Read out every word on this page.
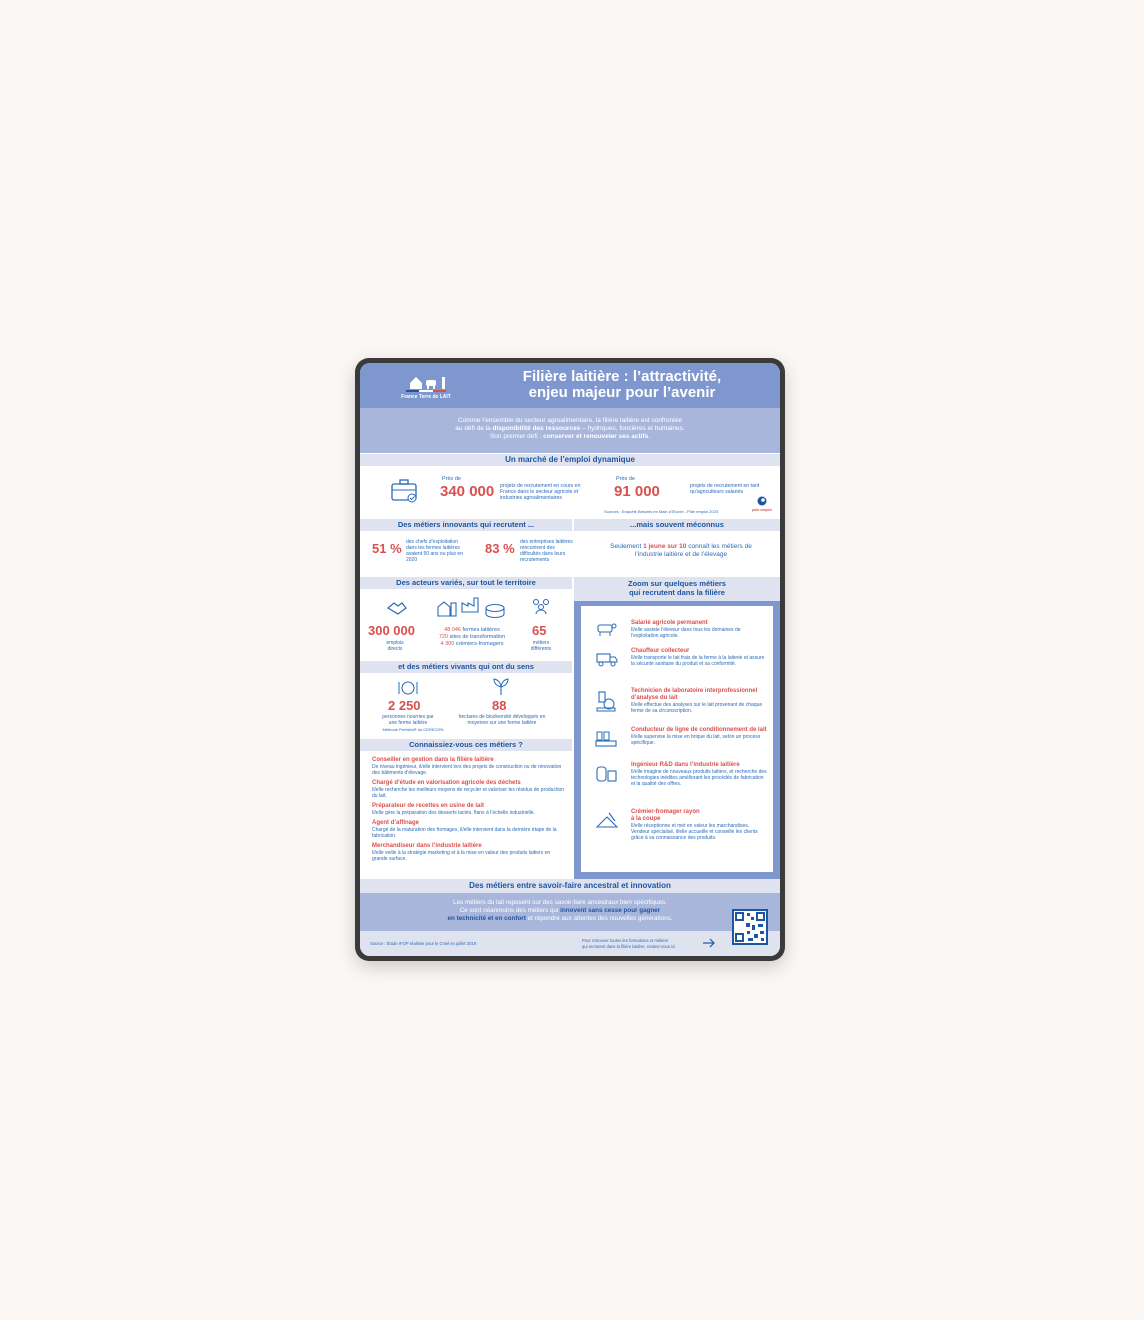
France Terre de LAIT
Filière laitière : l’attractivité,
enjeu majeur pour l’avenir
Comme l’ensemble du secteur agroalimentaire, la filière laitière est confrontée
au défi de la disponibilité des ressources – hydriques, foncières et humaines.
Son premier défi : conserver et renouveler ses actifs.
Un marché de l’emploi dynamique
Près de
340 000 projets de recrutement en cours en France dans le secteur agricole et industries agroalimentaires
Près de
91 000	projets de recrutement en tant qu’agriculteurs salariés
Sources : Enquête Besoins en Main d’Œuvre - Pôle emploi 2023	pôle emploi
Des métiers innovants qui recrutent ...	...mais souvent méconnus
51 % des chefs d’exploitation dans les fermes laitières avaient 50 ans ou plus en 2020
83 % des entreprises laitières rencontrent des difficultés dans leurs recrutements
Seulement 1 jeune sur 10 connaît les métiers de l’industrie laitière et de l’élevage
Des acteurs variés, sur tout le territoire
300 000
emplois directs
48 046 fermes laitières
720 sites de transformation
4 300 crémiers-fromagers
65
métiers différents
et des métiers vivants qui ont du sens
2 250
personnes nourries par une ferme laitière
Méthode Perfalim® du CERECIPA
88
hectares de biodiversité développés en moyenne sur une ferme laitière
Connaissiez-vous ces métiers ?
Conseiller en gestion dans la filière laitière
De niveau ingénieur, il/elle intervient lors des projets de construction ou de rénovation des bâtiments d’élevage.
Chargé d’étude en valorisation agricole des déchets
Il/elle recherche les meilleurs moyens de recycler et valoriser les résidus de production du lait.
Préparateur de recettes en usine de lait
Il/elle gère la préparation des desserts lactés, flans à l’échelle industrielle.
Agent d’affinage
Chargé de la maturation des fromages, il/elle intervient dans la dernière étape de la fabrication.
Merchandiseur dans l’industrie laitière
Il/elle veille à la stratégie marketing et à la mise en valeur des produits laitiers en grande surface.
Zoom sur quelques métiers
qui recrutent dans la filière
Salarié agricole permanent
Il/elle assiste l’éleveur dans tous les domaines de l’exploitation agricole.
Chauffeur collecteur
Il/elle transporte le lait frais de la ferme à la laiterie et assure la sécurité sanitaire du produit et sa conformité.
Technicien de laboratoire interprofessionnel d’analyse du lait
Il/elle effectue des analyses sur le lait provenant de chaque ferme de sa circonscription.
Conducteur de ligne de conditionnement de lait
Il/elle supervise la mise en brique du lait, selon un process spécifique.
Ingénieur R&D dans l’industrie laitière
Il/elle imagine de nouveaux produits laitiers, et recherche des technologies inédites améliorant les procédés de fabrication et la qualité des offres.
Crémier-fromager rayon à la coupe
Il/elle réceptionne et met en valeur les marchandises. Vendeur spécialisé, il/elle accueille et conseille les clients grâce à sa connaissance des produits.
Des métiers entre savoir-faire ancestral et innovation
Les métiers du lait reposent sur des savoir-faire ancestraux bien spécifiques.
Ce sont néanmoins des métiers qui innovent sans cesse pour gagner
en technicité et en confort et répondre aux attentes des nouvelles générations.
Source : Étude IFOP réalisée pour le Cniel en juillet 2019
Pour retrouver toutes les formations et métiers
qui recrutent dans la filière laitière, rendez-vous ici
